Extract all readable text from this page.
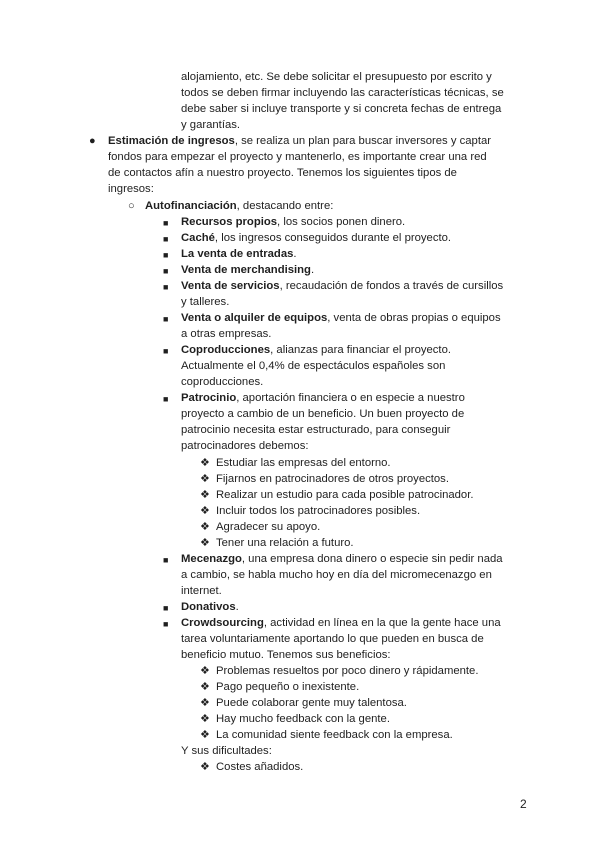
alojamiento, etc. Se debe solicitar el presupuesto por escrito y
todos se deben firmar incluyendo las características técnicas, se
debe saber si incluye transporte y si concreta fechas de entrega
y garantías.
● Estimación de ingresos, se realiza un plan para buscar inversores y captar
fondos para empezar el proyecto y mantenerlo, es importante crear una red
de contactos afín a nuestro proyecto. Tenemos los siguientes tipos de
ingresos:
○ Autofinanciación, destacando entre:
■ Recursos propios, los socios ponen dinero.
■ Caché, los ingresos conseguidos durante el proyecto.
■ La venta de entradas.
■ Venta de merchandising.
■ Venta de servicios, recaudación de fondos a través de cursillos
y talleres.
■ Venta o alquiler de equipos, venta de obras propias o equipos
a otras empresas.
■ Coproducciones, alianzas para financiar el proyecto.
Actualmente el 0,4% de espectáculos españoles son
coproducciones.
■ Patrocinio, aportación financiera o en especie a nuestro
proyecto a cambio de un beneficio. Un buen proyecto de
patrocinio necesita estar estructurado, para conseguir
patrocinadores debemos:
❖ Estudiar las empresas del entorno.
❖ Fijarnos en patrocinadores de otros proyectos.
❖ Realizar un estudio para cada posible patrocinador.
❖ Incluir todos los patrocinadores posibles.
❖ Agradecer su apoyo.
❖ Tener una relación a futuro.
■ Mecenazgo, una empresa dona dinero o especie sin pedir nada
a cambio, se habla mucho hoy en día del micromecenazgo en
internet.
■ Donativos.
■ Crowdsourcing, actividad en línea en la que la gente hace una
tarea voluntariamente aportando lo que pueden en busca de
beneficio mutuo. Tenemos sus beneficios:
❖ Problemas resueltos por poco dinero y rápidamente.
❖ Pago pequeño o inexistente.
❖ Puede colaborar gente muy talentosa.
❖ Hay mucho feedback con la gente.
❖ La comunidad siente feedback con la empresa.
Y sus dificultades:
❖ Costes añadidos.
2
